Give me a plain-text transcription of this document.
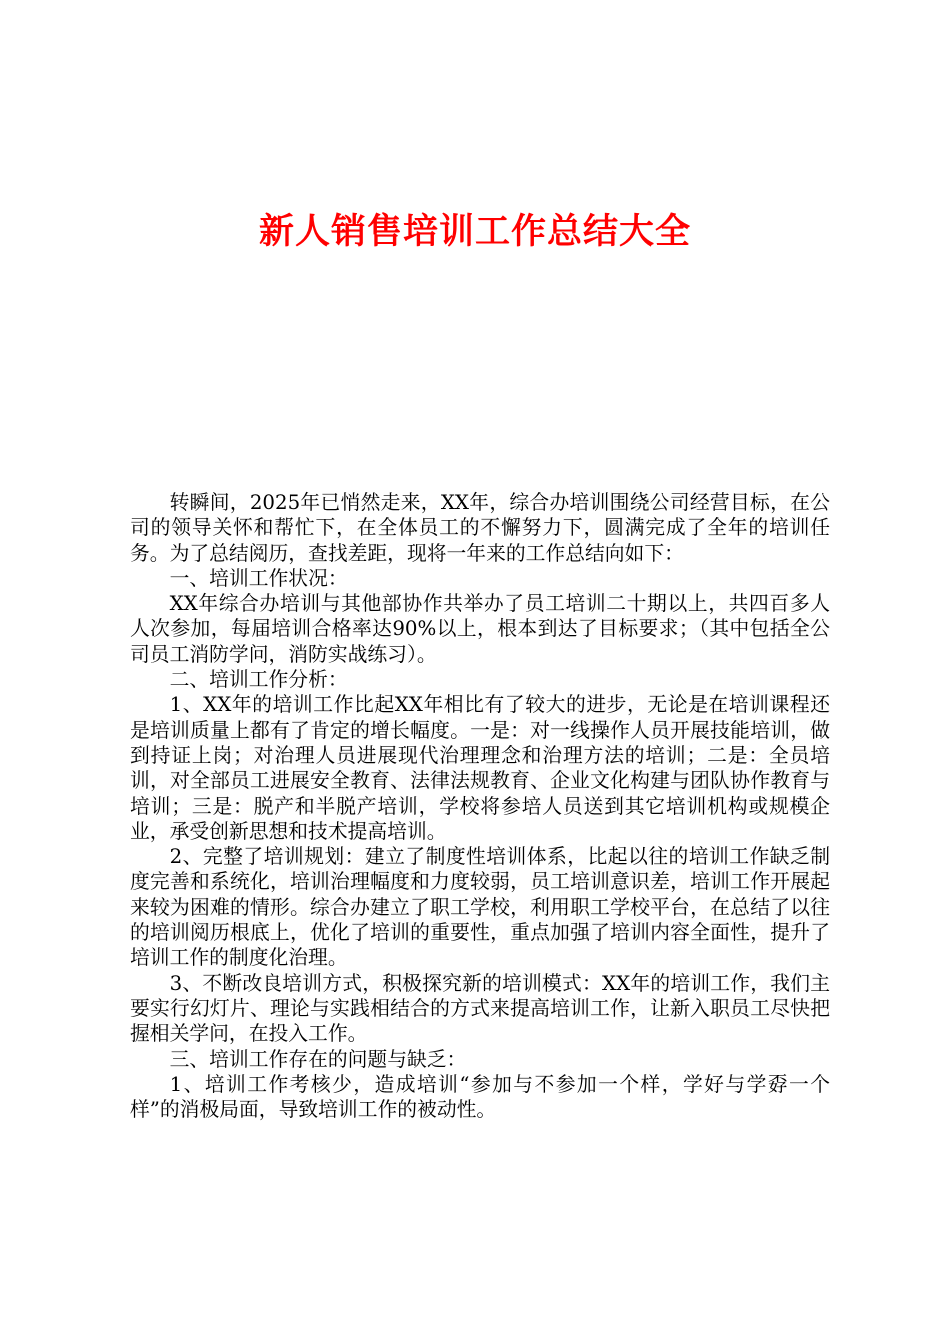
新人销售培训工作总结大全

转瞬间，2025年已悄然走来，XX年，综合办培训围绕公司经营目标，在公司的领导关怀和帮忙下，在全体员工的不懈努力下，圆满完成了全年的培训任务。为了总结阅历，查找差距，现将一年来的工作总结向如下：

一、培训工作状况：

XX年综合办培训与其他部协作共举办了员工培训二十期以上，共四百多人人次参加，每届培训合格率达90%以上，根本到达了目标要求；（其中包括全公司员工消防学问，消防实战练习）。

二、培训工作分析：

1、XX年的培训工作比起XX年相比有了较大的进步，无论是在培训课程还是培训质量上都有了肯定的增长幅度。一是：对一线操作人员开展技能培训，做到持证上岗；对治理人员进展现代治理理念和治理方法的培训；二是：全员培训，对全部员工进展安全教育、法律法规教育、企业文化构建与团队协作教育与培训；三是：脱产和半脱产培训，学校将参培人员送到其它培训机构或规模企业，承受创新思想和技术提高培训。

2、完整了培训规划：建立了制度性培训体系，比起以往的培训工作缺乏制度完善和系统化，培训治理幅度和力度较弱，员工培训意识差，培训工作开展起来较为困难的情形。综合办建立了职工学校，利用职工学校平台，在总结了以往的培训阅历根底上，优化了培训的重要性，重点加强了培训内容全面性，提升了培训工作的制度化治理。

3、不断改良培训方式，积极探究新的培训模式：XX年的培训工作，我们主要实行幻灯片、理论与实践相结合的方式来提高培训工作，让新入职员工尽快把握相关学问，在投入工作。

三、培训工作存在的问题与缺乏：

1、培训工作考核少，造成培训“参加与不参加一个样，学好与学孬一个样”的消极局面，导致培训工作的被动性。
